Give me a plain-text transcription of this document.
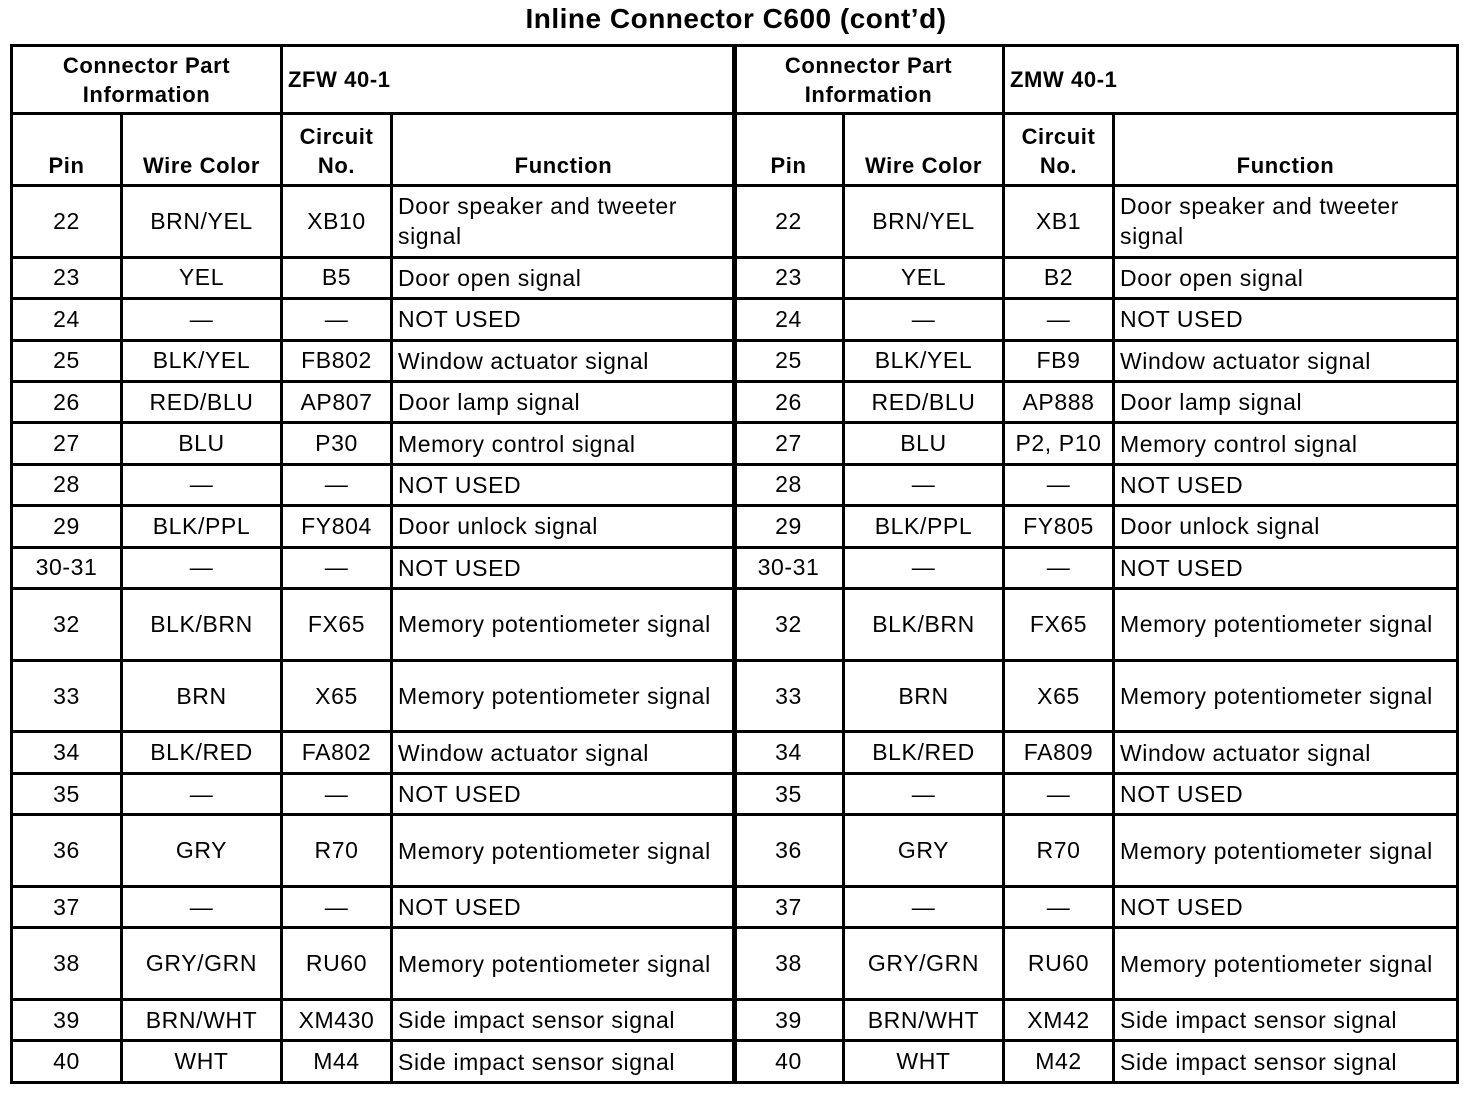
Inline Connector C600 (cont’d)
Connector Part Information		ZFW 40-1	
Pin	Wire Color	Circuit No.	Function
22	BRN/YEL	XB10	Door speaker and tweeter signal
23	YEL	B5	Door open signal
24	—	—	NOT USED
25	BLK/YEL	FB802	Window actuator signal
26	RED/BLU	AP807	Door lamp signal
27	BLU	P30	Memory control signal
28	—	—	NOT USED
29	BLK/PPL	FY804	Door unlock signal
30-31	—	—	NOT USED
32	BLK/BRN	FX65	Memory potentiometer signal
33	BRN	X65	Memory potentiometer signal
34	BLK/RED	FA802	Window actuator signal
35	—	—	NOT USED
36	GRY	R70	Memory potentiometer signal
37	—	—	NOT USED
38	GRY/GRN	RU60	Memory potentiometer signal
39	BRN/WHT	XM430	Side impact sensor signal
40	WHT	M44	Side impact sensor signal
Connector Part Information		ZMW 40-1	
Pin	Wire Color	Circuit No.	Function
22	BRN/YEL	XB1	Door speaker and tweeter signal
23	YEL	B2	Door open signal
24	—	—	NOT USED
25	BLK/YEL	FB9	Window actuator signal
26	RED/BLU	AP888	Door lamp signal
27	BLU	P2, P10	Memory control signal
28	—	—	NOT USED
29	BLK/PPL	FY805	Door unlock signal
30-31	—	—	NOT USED
32	BLK/BRN	FX65	Memory potentiometer signal
33	BRN	X65	Memory potentiometer signal
34	BLK/RED	FA809	Window actuator signal
35	—	—	NOT USED
36	GRY	R70	Memory potentiometer signal
37	—	—	NOT USED
38	GRY/GRN	RU60	Memory potentiometer signal
39	BRN/WHT	XM42	Side impact sensor signal
40	WHT	M42	Side impact sensor signal
